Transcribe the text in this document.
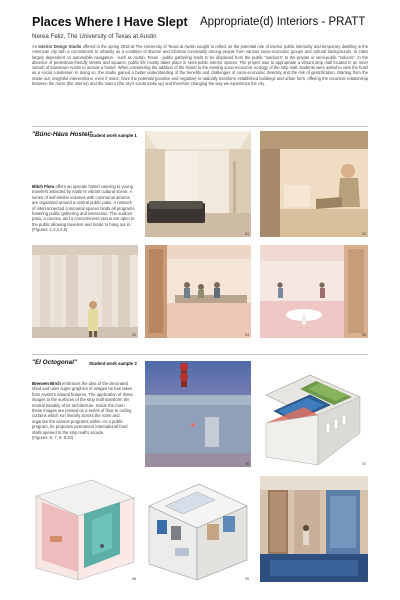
Places Where I Have Slept Appropriate(d) Interiors - PRATT
Nerea Feliz, The University of Texas at Austin

An Interior Design Studio offered in the spring 2018 at The University of Texas at Austin sought to reflect on the potential role of interior public interiority and temporary dwelling in the American city with a commitment to urbanity as a condition of diverse and informal conviviality among people from various socio-economic groups and cultural backgrounds. In cities largely dependent on automobile navigation - such as Austin, Texas - public gathering tends to be displaced from the public "outdoors" to the private or semi-public "indoors". In the absence of pedestrian-friendly streets and squares, public life mostly takes place in semi-public interior spaces. The project was to appropriate a vibrant strip mall located in an inner suburb of downtown Austin to include a hostel. When considering the addition of the hostel to the existing socio-economic ecology of the strip mall, students were asked to view the hotel as a social condenser. In doing so, the studio gained a better understanding of the benefits and challenges of socio-economic diversity and the risk of gentrification. Starting from the inside out, insightful interventions, even if minor, have the potential (positive and negative) to radically transform established buildings and urban form, offering the recursive relationship between the micro (the interior) and the macro (the city's social make up) and therefore changing the way we experience the city.

"Bünc-Háus Hostel"
Student work sample 1

Mitch Flora offers an upscale hostel catering to young travelers attracted by Austin's vibrant cultural scene. A series of self-similar volumes with communal atriums are organized around a central public patio. A network of interconnected communal spaces binds all programs fostering public gathering and interaction. The outdoor patio, a cinema, and a concert/event venue are open to the public allowing travelers and locals to hang out in.
(Figures: 1,2,3,4,5)

01	02
03	04	05
"El Octogonal"	Student work sample 2

Brennen Birch embraces the idea of the decorated shed and uses super graphics of images he has taken from Austin's natural features. The application of these images to the surfaces of the strip mall transform the neutral banality of its architecture. Inside the room these images are printed on a series of floor to ceiling curtains which run linearly across the room and organize the various programs within. As a public program, he proposes permanent international food stalls opened to the strip mall's arcade.
(Figures: 6, 7, 8, 9,10)

06	07
08	09	10
